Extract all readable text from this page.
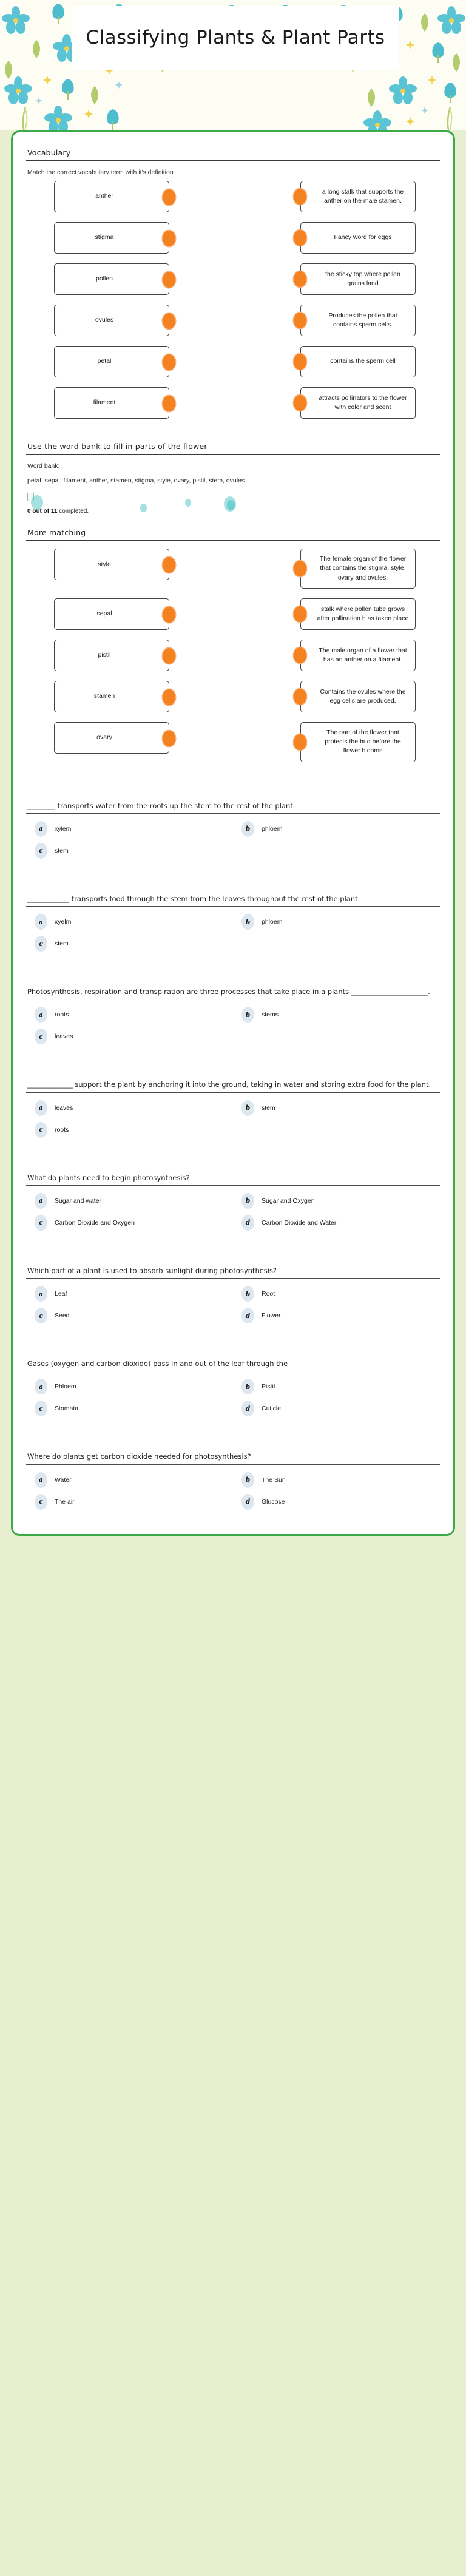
Classifying Plants & Plant Parts
Vocabulary

Match the correct vocabulary term with it's definition

anther
a long stalk that supports the anther on the male stamen.
stigma	Fancy word for eggs
pollen
the sticky top where pollen grains land
ovules
Produces the pollen that contains sperm cells.
petal	contains the sperm cell
filament
attracts pollinators to the flower with color and scent
Use the word bank to fill in parts of the flower
Word bank:
petal, sepal, filament, anther, stamen, stigma, style, ovary, pistil, stem, ovules
0 out of 11 completed.
More matching
style
The female organ of the flower that contains the stigma, style, ovary and ovules.
sepal
stalk where pollen tube grows after pollination h as taken place
pistil
The male organ of a flower that has an anther on a filament.
stamen
Contains the ovules where the egg cells are produced.
ovary
The part of the flower that protects the bud before the flower blooms

________ transports water from the roots up the stem to the rest of the plant.

a	xylem	b	phloem
c	stem

____________ transports food through the stem from the leaves throughout the rest of the plant.

a	xyelm	b	phloem
c	stem

Photosynthesis, respiration and transpiration are three processes that take place in a plants ______________________.

a	roots	b	stems
c	leaves

_____________ support the plant by anchoring it into the ground, taking in water and storing extra food for the plant.

a	leaves	b	stem
c	roots

What do plants need to begin photosynthesis?

a	Sugar and water	b	Sugar and Oxygen
c	Carbon Dioxide and Oxygen	d	Carbon Dioxide and Water

Which part of a plant is used to absorb sunlight during photosynthesis?

a	Leaf	b	Root
c	Seed	d	Flower

Gases (oxygen and carbon dioxide) pass in and out of the leaf through the

a	Phloem	b	Pistil
c	Stomata	d	Cuticle

Where do plants get carbon dioxide needed for photosynthesis?

a	Water	b	The Sun
c	The air	d	Glucose
